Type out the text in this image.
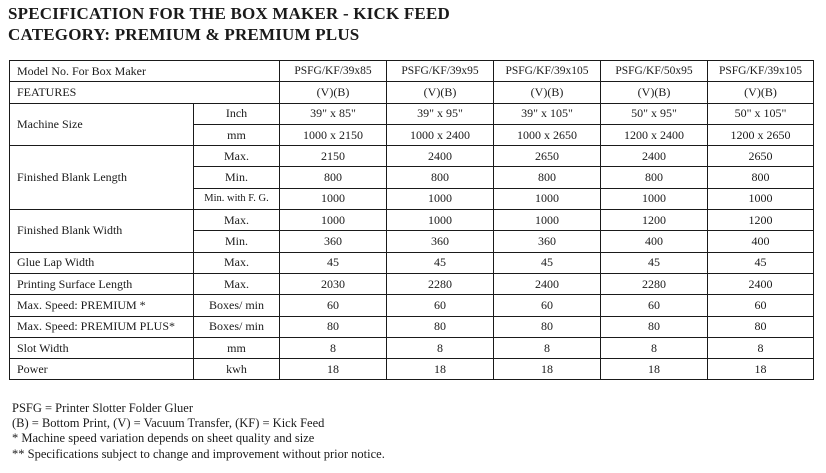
SPECIFICATION FOR THE BOX MAKER - KICK FEED
CATEGORY: PREMIUM & PREMIUM PLUS
Model No. For Box Maker		PSFG/KF/39x85	PSFG/KF/39x95	PSFG/KF/39x105	PSFG/KF/50x95	PSFG/KF/39x105
FEATURES		(V)(B)	(V)(B)	(V)(B)	(V)(B)	(V)(B)
Machine Size	Inch	39" x 85"	39" x 95"	39" x 105"	50" x 95"	50" x 105"
	mm	1000 x 2150	1000 x 2400	1000 x 2650	1200 x 2400	1200 x 2650
Finished Blank Length	Max.	2150	2400	2650	2400	2650
	Min.	800	800	800	800	800
	Min. with F. G.	1000	1000	1000	1000	1000
Finished Blank Width	Max.	1000	1000	1000	1200	1200
	Min.	360	360	360	400	400
Glue Lap Width	Max.	45	45	45	45	45
Printing Surface Length	Max.	2030	2280	2400	2280	2400
Max. Speed: PREMIUM *	Boxes/ min	60	60	60	60	60
Max. Speed: PREMIUM PLUS*	Boxes/ min	80	80	80	80	80
Slot Width	mm	8	8	8	8	8
Power	kwh	18	18	18	18	18
PSFG = Printer Slotter Folder Gluer
(B) = Bottom Print, (V) = Vacuum Transfer, (KF) = Kick Feed
* Machine speed variation depends on sheet quality and size
** Specifications subject to change and improvement without prior notice.
